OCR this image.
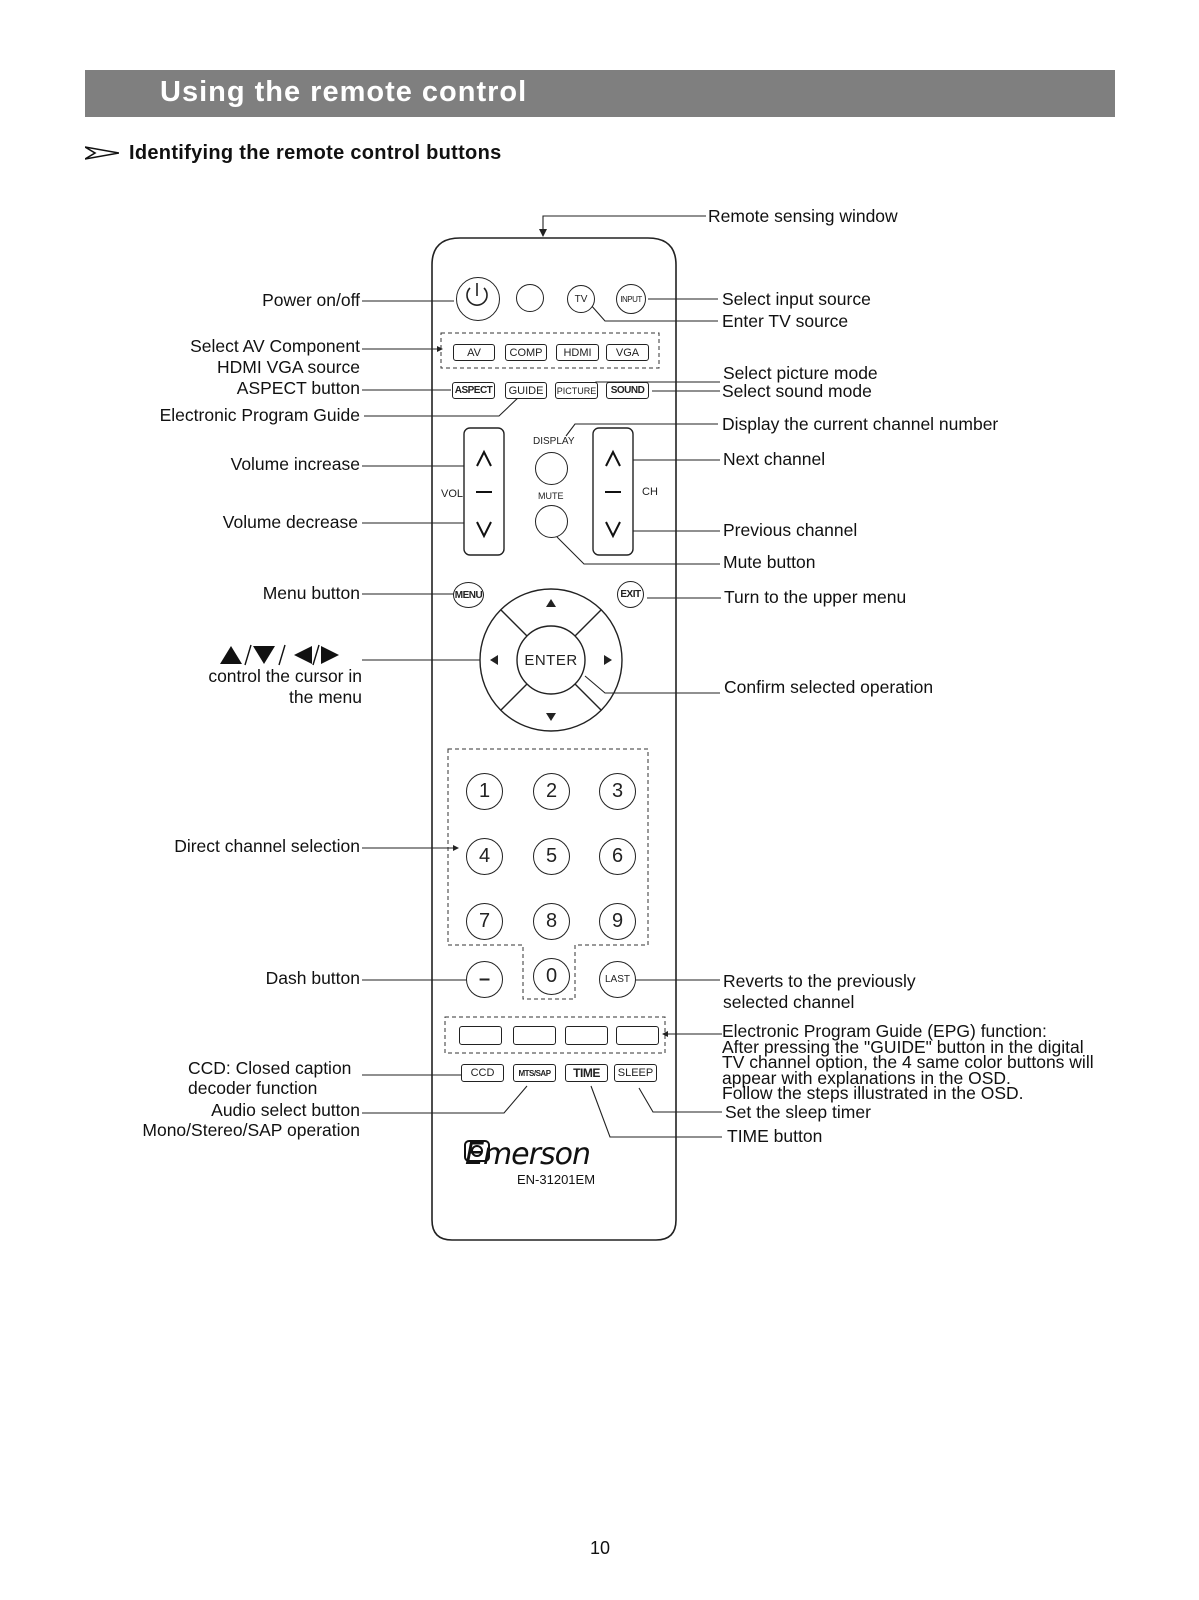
Using the remote control
Identifying the remote control buttons
Power on/off
Select AV Component
HDMI VGA source
ASPECT button
Electronic Program Guide
Volume increase
Volume decrease
Menu button
control the cursor in
the menu
Direct channel selection
Dash button
CCD: Closed caption
decoder function
Audio select button
Mono/Stereo/SAP operation
Remote sensing window
Select input source
Enter TV source
Select picture mode
Select sound mode
Display the current channel number
Next channel
Previous channel
Mute button
Turn to the upper menu
Confirm selected operation
Reverts to the previously
selected channel
Electronic Program Guide (EPG) function:
After pressing the "GUIDE" button in the digital
TV channel option, the 4 same color buttons will
appear with explanations in the OSD.
Follow the steps illustrated in the OSD.
Set the sleep timer
TIME button
TV	INPUT
AV	COMP	HDMI	VGA
ASPECT	GUIDE	PICTURE	SOUND
DISPLAY
MUTE
VOL	CH
MENU	EXIT
ENTER
1	2	3
4	5	6
7	8	9
–	0	LAST
CCD	MTS/SAP	TIME	SLEEP
Emerson
EN-31201EM
10
